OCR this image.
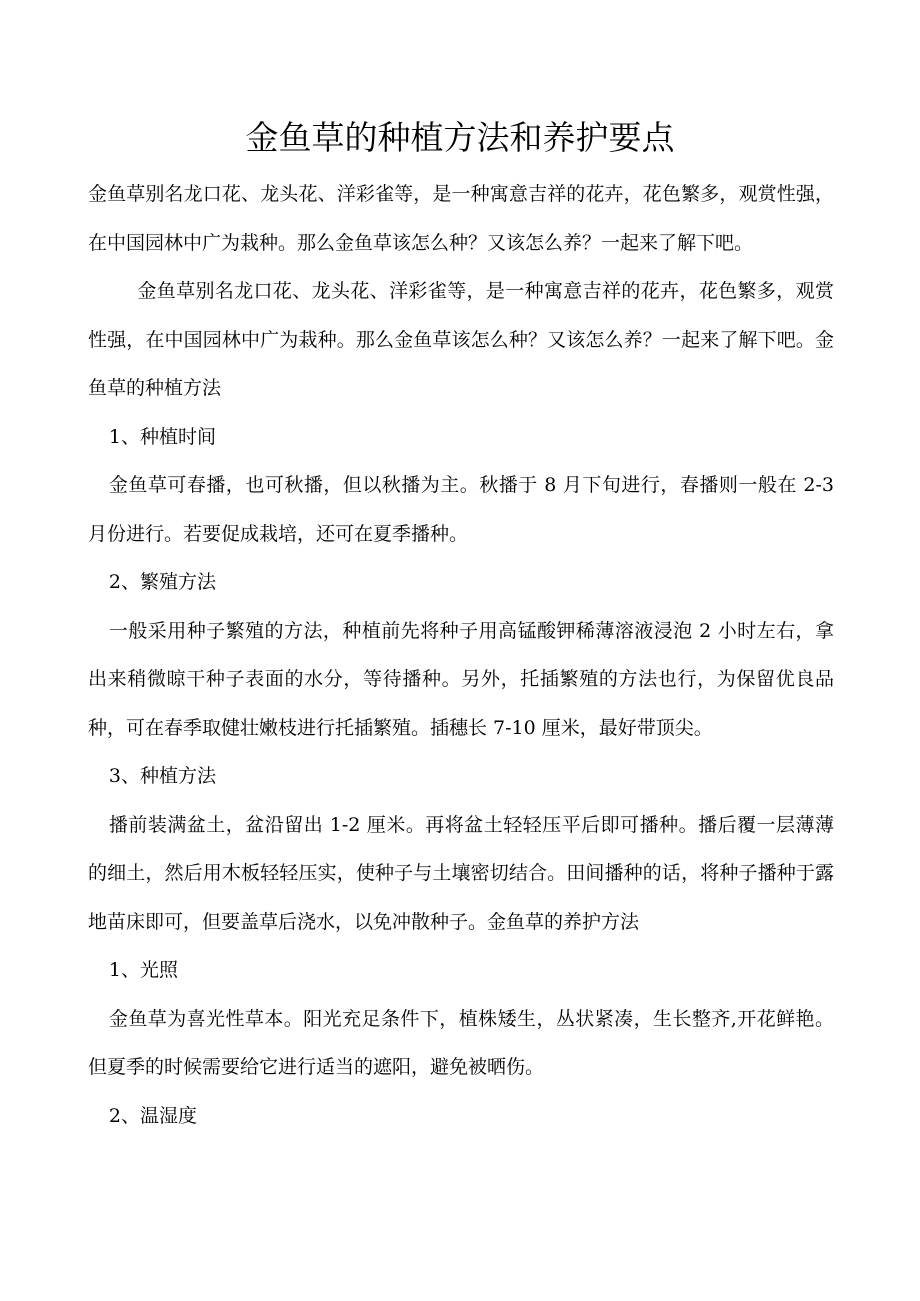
金鱼草的种植方法和养护要点

金鱼草别名龙口花、龙头花、洋彩雀等，是一种寓意吉祥的花卉，花色繁多，观赏性强，在中国园林中广为栽种。那么金鱼草该怎么种？又该怎么养？一起来了解下吧。

金鱼草别名龙口花、龙头花、洋彩雀等，是一种寓意吉祥的花卉，花色繁多，观赏性强，在中国园林中广为栽种。那么金鱼草该怎么种？又该怎么养？一起来了解下吧。金鱼草的种植方法

1、种植时间

金鱼草可春播，也可秋播，但以秋播为主。秋播于 8 月下旬进行，春播则一般在 2-3 月份进行。若要促成栽培，还可在夏季播种。

2、繁殖方法

一般采用种子繁殖的方法，种植前先将种子用高锰酸钾稀薄溶液浸泡 2 小时左右，拿出来稍微晾干种子表面的水分，等待播种。另外，托插繁殖的方法也行，为保留优良品种，可在春季取健壮嫩枝进行托插繁殖。插穗长 7-10 厘米，最好带顶尖。

3、种植方法

播前装满盆土，盆沿留出 1-2 厘米。再将盆土轻轻压平后即可播种。播后覆一层薄薄的细土，然后用木板轻轻压实，使种子与土壤密切结合。田间播种的话，将种子播种于露地苗床即可，但要盖草后浇水，以免冲散种子。金鱼草的养护方法

1、光照

金鱼草为喜光性草本。阳光充足条件下，植株矮生，丛状紧凑，生长整齐,开花鲜艳。但夏季的时候需要给它进行适当的遮阳，避免被晒伤。

2、温湿度
